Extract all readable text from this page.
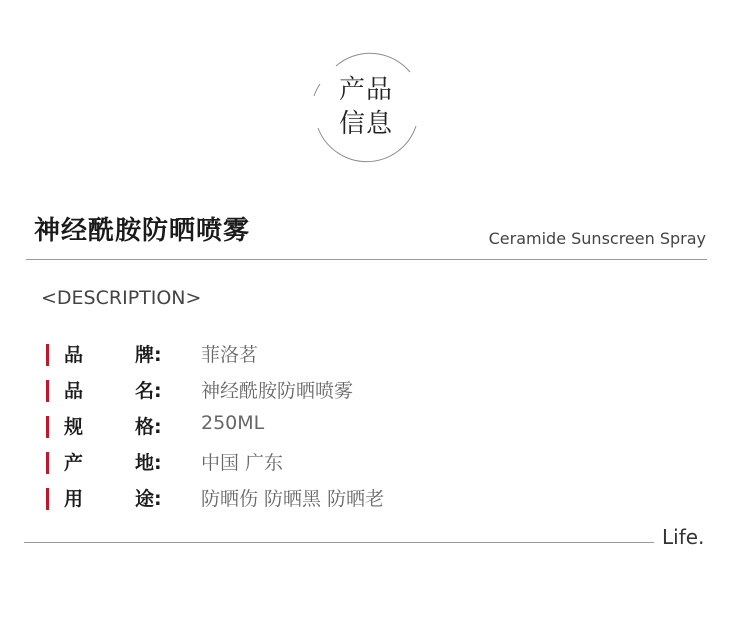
产品
信息
神经酰胺防晒喷雾	Ceramide Sunscreen Spray
<DESCRIPTION>
品	牌: 菲洛茗
品	名: 神经酰胺防晒喷雾
规	格: 250ML
产	地: 中国 广东
用	途: 防晒伤 防晒黑 防晒老
Life.
